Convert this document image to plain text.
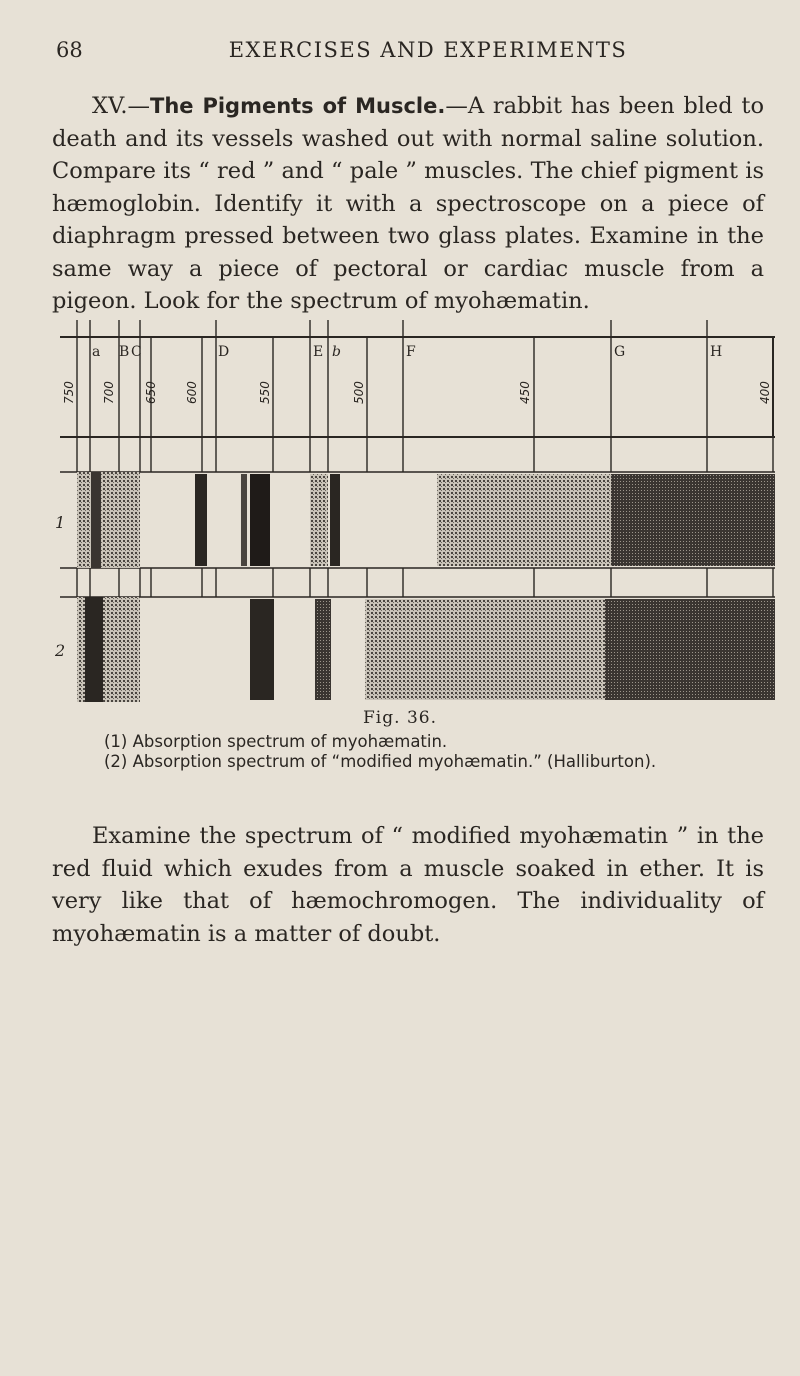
68	EXERCISES AND EXPERIMENTS

XV.—The Pigments of Muscle.—A rabbit has been bled to death and its vessels washed out with normal saline solution. Compare its “ red ” and “ pale ” muscles. The chief pigment is hæmoglobin. Identify it with a spectroscope on a piece of diaphragm pressed between two glass plates. Examine in the same way a piece of pectoral or cardiac muscle from a pigeon. Look for the spectrum of myohæmatin.

a B C	D	E b	F	G	H
750 700 650 600	550	500	450	400
1
2
Fig. 36.
(1) Absorption spectrum of myohæmatin.
(2) Absorption spectrum of “modified myohæmatin.” (Halliburton).

Examine the spectrum of “ modified myohæmatin ” in the red fluid which exudes from a muscle soaked in ether. It is very like that of hæmochromogen. The individuality of myohæmatin is a matter of doubt.
